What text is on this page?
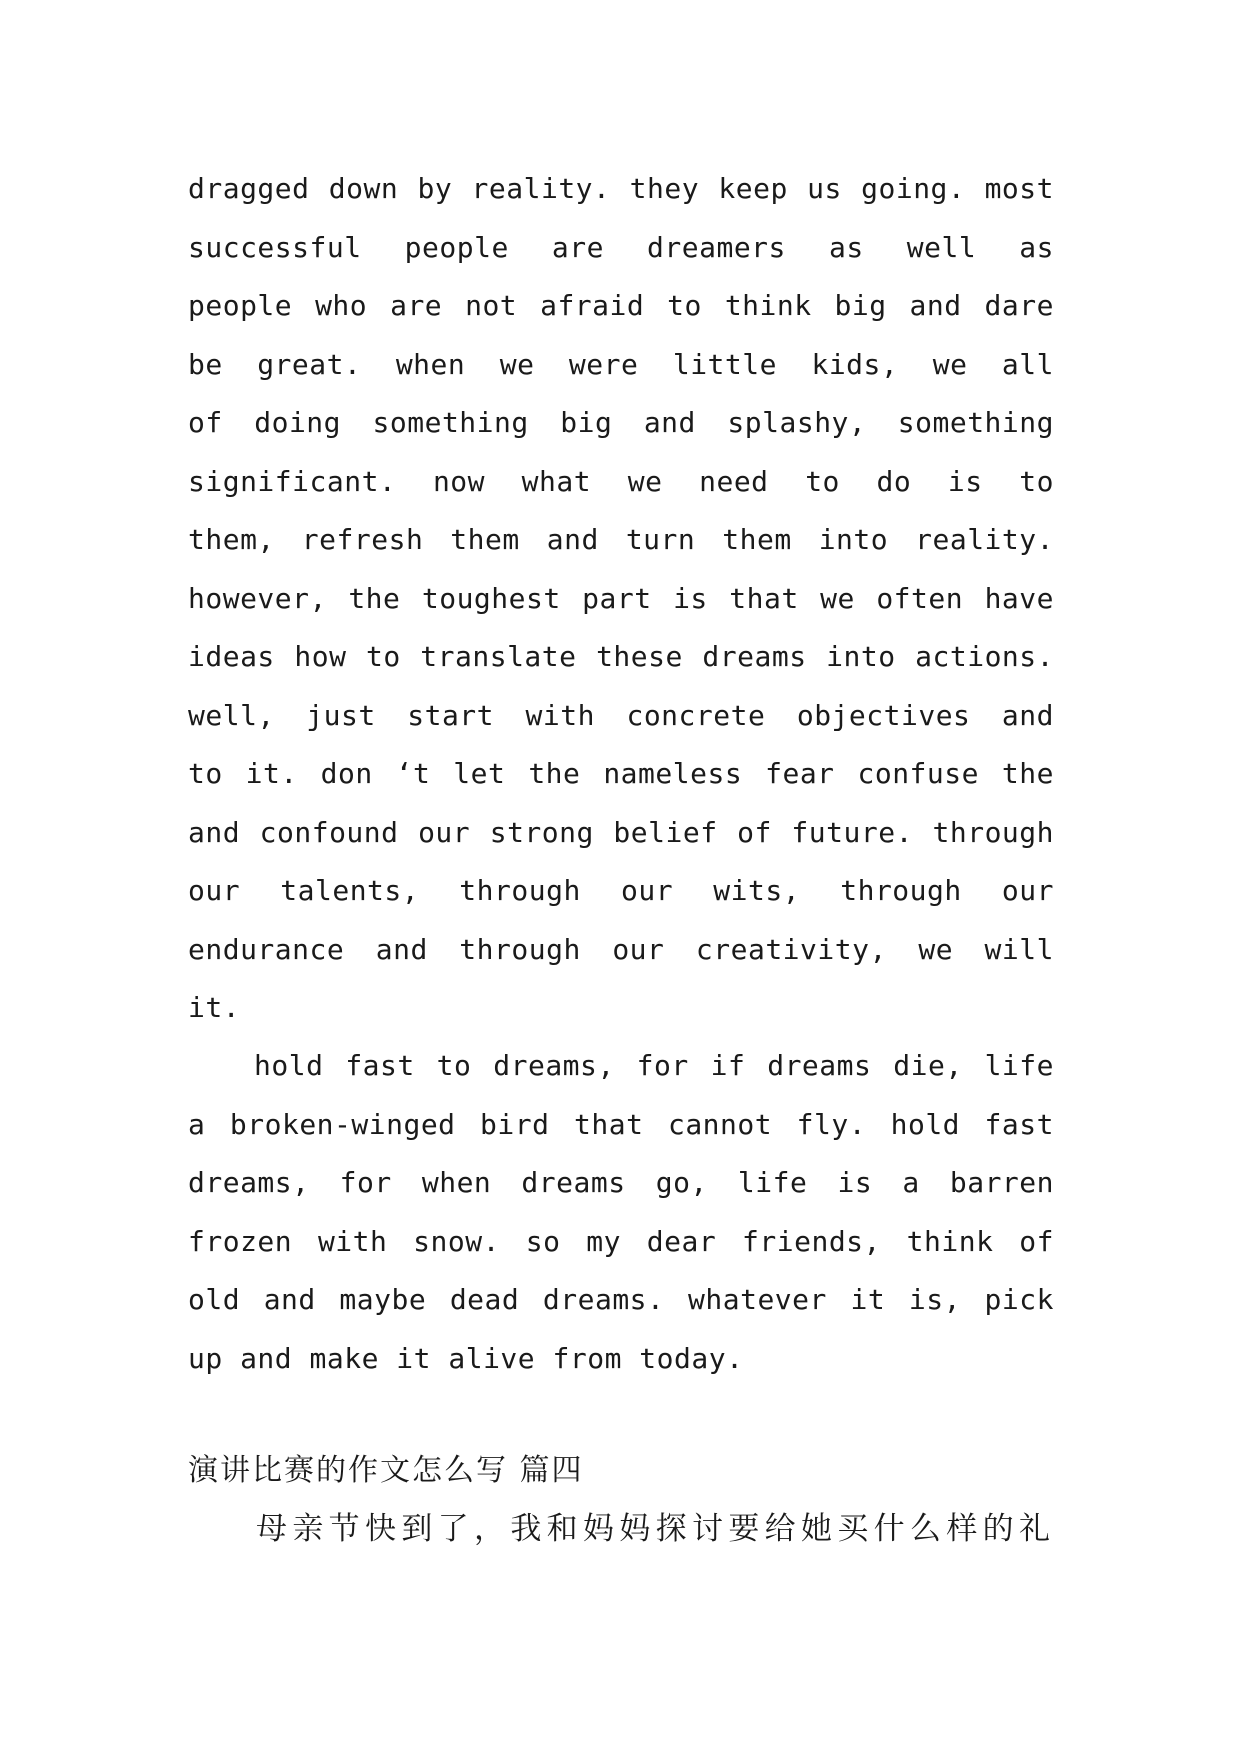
dragged down by reality. they keep us going. most
successful people are dreamers as well as
people who are not afraid to think big and dare
be great. when we were little kids, we all
of doing something big and splashy, something
significant. now what we need to do is to
them, refresh them and turn them into reality.
however, the toughest part is that we often have
ideas how to translate these dreams into actions.
well, just start with concrete objectives and
to it. don ‘t let the nameless fear confuse the
and confound our strong belief of future. through
our talents, through our wits, through our
endurance and through our creativity, we will
it.
hold fast to dreams, for if dreams die, life
a broken-winged bird that cannot fly. hold fast
dreams, for when dreams go, life is a barren
frozen with snow. so my dear friends, think of
old and maybe dead dreams. whatever it is, pick
up and make it alive from today.
演讲比赛的作文怎么写 篇四
母亲节快到了，我和妈妈探讨要给她买什么样的礼
